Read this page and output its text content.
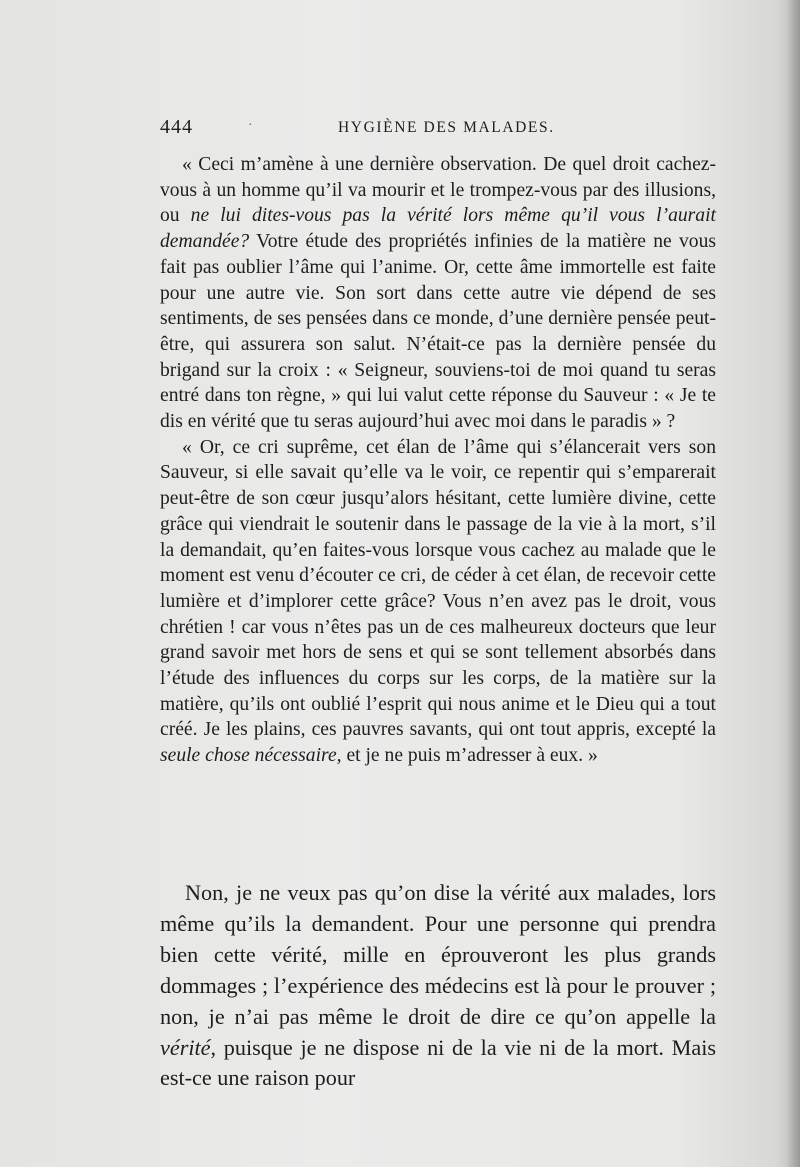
444	·	HYGIÈNE DES MALADES.

« Ceci m’amène à une dernière observation. De quel droit cachez-vous à un homme qu’il va mourir et le trompez-vous par des illusions, ou ne lui dites-vous pas la vérité lors même qu’il vous l’aurait demandée? Votre étude des propriétés infinies de la matière ne vous fait pas oublier l’âme qui l’anime. Or, cette âme immortelle est faite pour une autre vie. Son sort dans cette autre vie dépend de ses sentiments, de ses pensées dans ce monde, d’une dernière pensée peut-être, qui assurera son salut. N’était-ce pas la dernière pensée du brigand sur la croix : « Seigneur, souviens-toi de moi quand tu seras entré dans ton règne, » qui lui valut cette réponse du Sauveur : « Je te dis en vérité que tu seras aujourd’hui avec moi dans le paradis » ?

« Or, ce cri suprême, cet élan de l’âme qui s’élancerait vers son Sauveur, si elle savait qu’elle va le voir, ce repentir qui s’emparerait peut-être de son cœur jusqu’alors hésitant, cette lumière divine, cette grâce qui viendrait le soutenir dans le passage de la vie à la mort, s’il la demandait, qu’en faites-vous lorsque vous cachez au malade que le moment est venu d’écouter ce cri, de céder à cet élan, de recevoir cette lumière et d’implorer cette grâce? Vous n’en avez pas le droit, vous chrétien ! car vous n’êtes pas un de ces malheureux docteurs que leur grand savoir met hors de sens et qui se sont tellement absorbés dans l’étude des influences du corps sur les corps, de la matière sur la matière, qu’ils ont oublié l’esprit qui nous anime et le Dieu qui a tout créé. Je les plains, ces pauvres savants, qui ont tout appris, excepté la seule chose nécessaire, et je ne puis m’adresser à eux. »

Non, je ne veux pas qu’on dise la vérité aux malades, lors même qu’ils la demandent. Pour une personne qui prendra bien cette vérité, mille en éprouveront les plus grands dommages ; l’expérience des médecins est là pour le prouver ; non, je n’ai pas même le droit de dire ce qu’on appelle la vérité, puisque je ne dispose ni de la vie ni de la mort. Mais est-ce une raison pour
